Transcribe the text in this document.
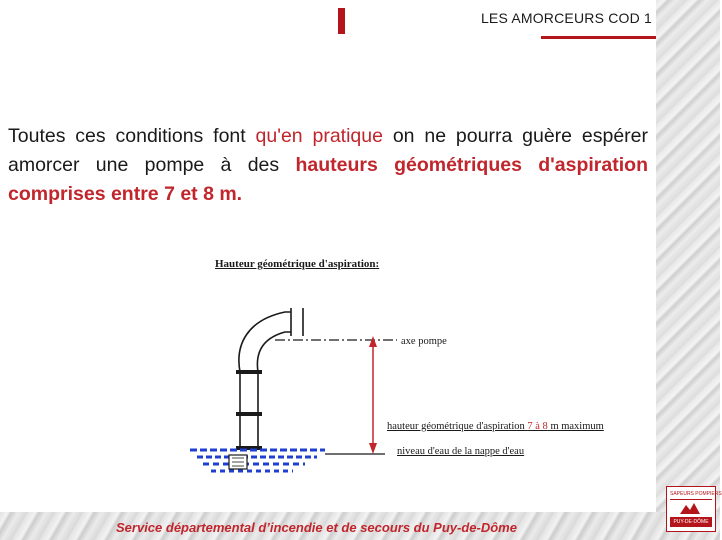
LES AMORCEURS COD 1
Toutes ces conditions font qu'en pratique on ne pourra guère espérer amorcer une pompe à des hauteurs géométriques d'aspiration comprises entre 7 et 8 m.
Hauteur géométrique d'aspiration:
axe pompe
hauteur géométrique d'aspiration 7 à 8 m maximum
niveau d'eau de la nappe d'eau
Service départemental d’incendie et de secours du Puy-de-Dôme
SAPEURS POMPIERS
PUY-DE-DÔME
